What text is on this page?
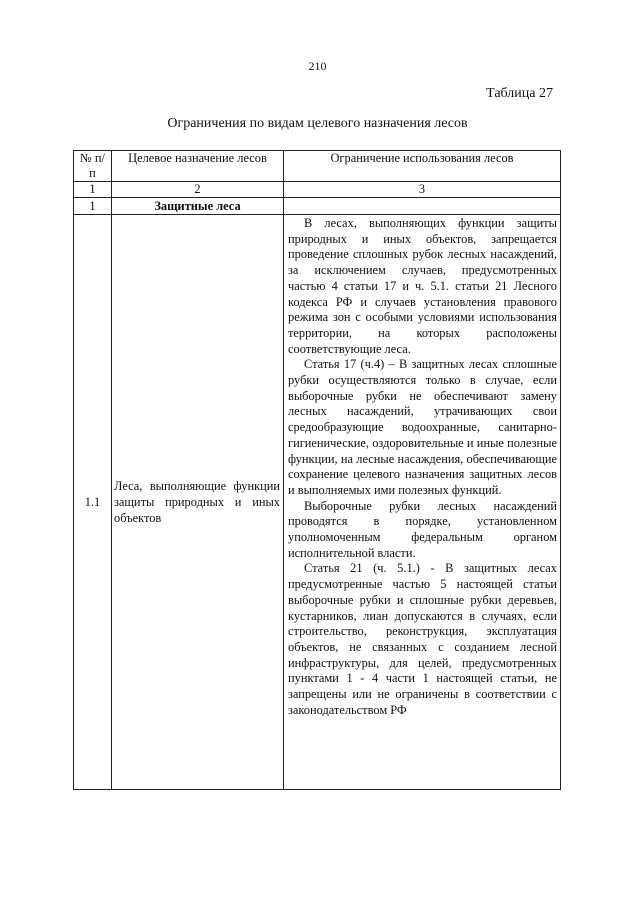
210
Таблица 27
Ограничения по видам целевого назначения лесов
№ п/п	Целевое назначение лесов	Ограничение использования лесов
1	2	3
1	Защитные леса	
1.1	Леса, выполняющие функции защиты природных и иных объектов	В лесах, выполняющих функции защиты природных и иных объектов, запрещается проведение сплошных рубок лесных насаждений, за исключением случаев, предусмотренных частью 4 статьи 17 и ч. 5.1. статьи 21 Лесного кодекса РФ и случаев установления правового режима зон с особыми условиями использования территории, на которых расположены соответствующие леса.

Статья 17 (ч.4) – В защитных лесах сплошные рубки осуществляются только в случае, если выборочные рубки не обеспечивают замену лесных насаждений, утрачивающих свои средообразующие водоохранные, санитарно-гигиенические, оздоровительные и иные полезные функции, на лесные насаждения, обеспечивающие сохранение целевого назначения защитных лесов и выполняемых ими полезных функций.

Выборочные рубки лесных насаждений проводятся в порядке, установленном уполномоченным федеральным органом исполнительной власти.

Статья 21 (ч. 5.1.) - В защитных лесах предусмотренные частью 5 настоящей статьи выборочные рубки и сплошные рубки деревьев, кустарников, лиан допускаются в случаях, если строительство, реконструкция, эксплуатация объектов, не связанных с созданием лесной инфраструктуры, для целей, предусмотренных пунктами 1 - 4 части 1 настоящей статьи, не запрещены или не ограничены в соответствии с законодательством РФ
